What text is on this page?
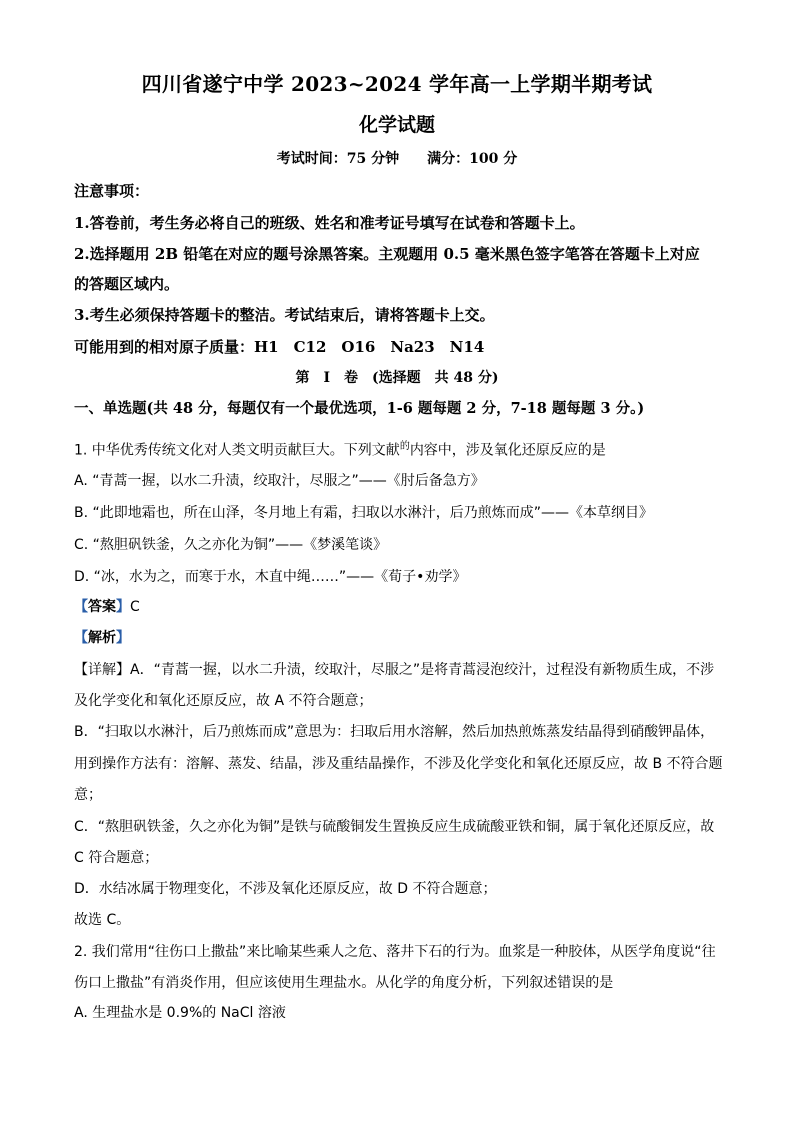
四川省遂宁中学 2023~2024 学年高一上学期半期考试
化学试题
考试时间：75 分钟 满分：100 分
注意事项：
1.答卷前，考生务必将自己的班级、姓名和准考证号填写在试卷和答题卡上。
2.选择题用 2B 铅笔在对应的题号涂黑答案。主观题用 0.5 毫米黑色签字笔答在答题卡上对应
的答题区域内。
3.考生必须保持答题卡的整洁。考试结束后，请将答题卡上交。
可能用到的相对原子质量：H1　C12　O16　Na23　N14
第　I　卷　(选择题　共 48 分)
一、单选题(共 48 分，每题仅有一个最优选项，1-6 题每题 2 分，7-18 题每题 3 分。)
1. 中华优秀传统文化对人类文明贡献巨大。下列文献$^的$内容中，涉及氧化还原反应的是
A. “青蒿一握，以水二升渍，绞取汁，尽服之”——《肘后备急方》
B. “此即地霜也，所在山泽，冬月地上有霜，扫取以水淋汁，后乃煎炼而成”——《本草纲目》
C. “熬胆矾铁釜，久之亦化为铜”——《梦溪笔谈》
D. “冰，水为之，而寒于水，木直中绳……”——《荀子•劝学》
【答案】C
【解析】
【详解】A．“青蒿一握，以水二升渍，绞取汁，尽服之”是将青蒿浸泡绞汁，过程没有新物质生成，不涉
及化学变化和氧化还原反应，故 A 不符合题意；
B．“扫取以水淋汁，后乃煎炼而成”意思为：扫取后用水溶解，然后加热煎炼蒸发结晶得到硝酸钾晶体，
用到操作方法有：溶解、蒸发、结晶，涉及重结晶操作，不涉及化学变化和氧化还原反应，故 B 不符合题
意；
C．“熬胆矾铁釜，久之亦化为铜”是铁与硫酸铜发生置换反应生成硫酸亚铁和铜，属于氧化还原反应，故
C 符合题意；
D．水结冰属于物理变化，不涉及氧化还原反应，故 D 不符合题意；
故选 C。
2. 我们常用“往伤口上撒盐”来比喻某些乘人之危、落井下石的行为。血浆是一种胶体，从医学角度说“往
伤口上撒盐”有消炎作用，但应该使用生理盐水。从化学的角度分析，下列叙述错误的是
A. 生理盐水是 0.9%的 NaCl 溶液
